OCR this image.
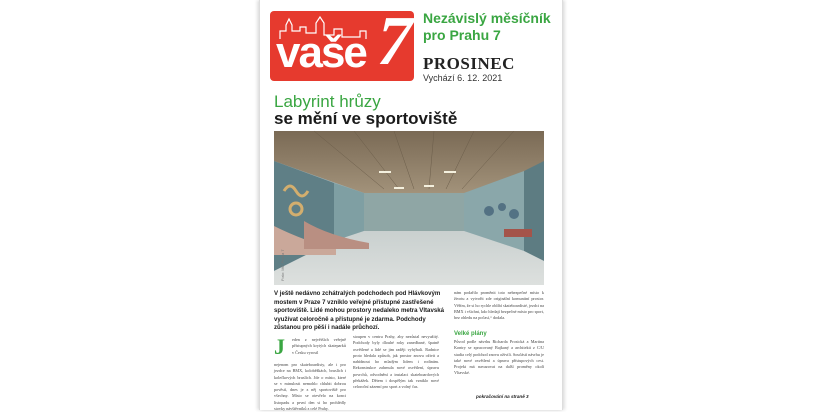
vaše 7 Nezávislý měsíčník pro Prahu 7
PROSINEC
Vychází 6. 12. 2021
Labyrint hrůzy
se mění ve sportoviště
Foto: MČ Praha 7
V ještě nedávno zchátralých podchodech pod Hlávkovým mostem v Praze 7 vzniklo veřejné přístupné zastřešené sportoviště. Lidé mohou prostory nedaleko metra Vltavská využívat celoročně a přístupné je zdarma. Podchody zůstanou pro pěší i nadále průchozí.
J eden z největších veřejně přístupných krytých skateparků v Česku vyrostl
nejenom pro skateboardisty, ale i pro jezdce na BMX, koloběžkách, bruslích i kolečkových bruslích. Jde o místo, které se v minulosti nemohlo chlubit dobrou pověstí, dnes je z něj sportoviště pro všechny. Místo se otevřelo na konci listopadu a první den si ho prohlédly stovky návštěvníků z celé Prahy.
stoupen v centru Prahy, aby nezůstal nevyužitý. Podchody byly dlouhé roky zanedbané, špatně osvětlené a lidé se jim raději vyhýbali. Radnice proto hledala způsob, jak prostor znovu oživit a nabídnout ho mladým lidem i rodinám. Rekonstrukce zahrnula nové osvětlení, úpravu povrchů, odvodnění a instalaci skateboardových překážek. Dětem i dospělým tak vzniklo nové celoroční zázemí pro sport a volný čas.
nám podařilo proměnit toto nebezpečné místo k životu a vytvořit zde originální komunitní prostor. Věřím, že si ho rychle oblíbí skateboardisté, jezdci na BMX i všichni, kdo hledají bezpečné místo pro sport, bez ohledu na počasí,“ dodala.
Velké plány
Původ podle návrhu Richarda Prosická a Martina Kontry se zpracovaný Bajkaný a architekti z C/U studia celý podchod znovu oživili. Součástí návrhu je také nové osvětlení a úprava přístupových cest. Projekt má navazovat na další proměny okolí Vltavské.
pokračování na straně 3
